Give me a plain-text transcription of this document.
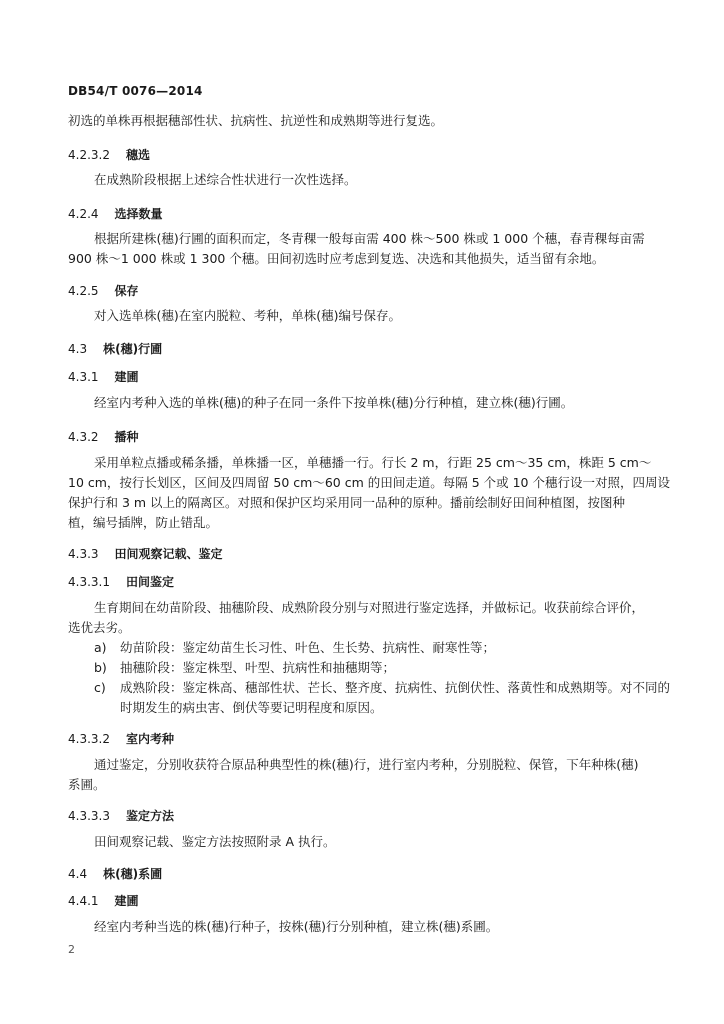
DB54/T 0076—2014
初选的单株再根据穗部性状、抗病性、抗逆性和成熟期等进行复选。
4.2.3.2 穗选
在成熟阶段根据上述综合性状进行一次性选择。
4.2.4 选择数量
根据所建株(穗)行圃的面积而定，冬青稞一般每亩需 400 株～500 株或 1 000 个穗，春青稞每亩需
900 株～1 000 株或 1 300 个穗。田间初选时应考虑到复选、决选和其他损失，适当留有余地。
4.2.5 保存
对入选单株(穗)在室内脱粒、考种，单株(穗)编号保存。
4.3 株(穗)行圃
4.3.1 建圃
经室内考种入选的单株(穗)的种子在同一条件下按单株(穗)分行种植，建立株(穗)行圃。
4.3.2 播种
采用单粒点播或稀条播，单株播一区，单穗播一行。行长 2 m，行距 25 cm～35 cm，株距 5 cm～
10 cm，按行长划区，区间及四周留 50 cm～60 cm 的田间走道。每隔 5 个或 10 个穗行设一对照，四周设
保护行和 3 m 以上的隔离区。对照和保护区均采用同一品种的原种。播前绘制好田间种植图，按图种
植，编号插牌，防止错乱。
4.3.3 田间观察记载、鉴定
4.3.3.1 田间鉴定
生育期间在幼苗阶段、抽穗阶段、成熟阶段分别与对照进行鉴定选择，并做标记。收获前综合评价，
选优去劣。
a) 幼苗阶段：鉴定幼苗生长习性、叶色、生长势、抗病性、耐寒性等；
b) 抽穗阶段：鉴定株型、叶型、抗病性和抽穗期等；
c) 成熟阶段：鉴定株高、穗部性状、芒长、整齐度、抗病性、抗倒伏性、落黄性和成熟期等。对不同的
时期发生的病虫害、倒伏等要记明程度和原因。
4.3.3.2 室内考种
通过鉴定，分别收获符合原品种典型性的株(穗)行，进行室内考种，分别脱粒、保管，下年种株(穗)
系圃。
4.3.3.3 鉴定方法
田间观察记载、鉴定方法按照附录 A 执行。
4.4 株(穗)系圃
4.4.1 建圃
经室内考种当选的株(穗)行种子，按株(穗)行分别种植，建立株(穗)系圃。
2
